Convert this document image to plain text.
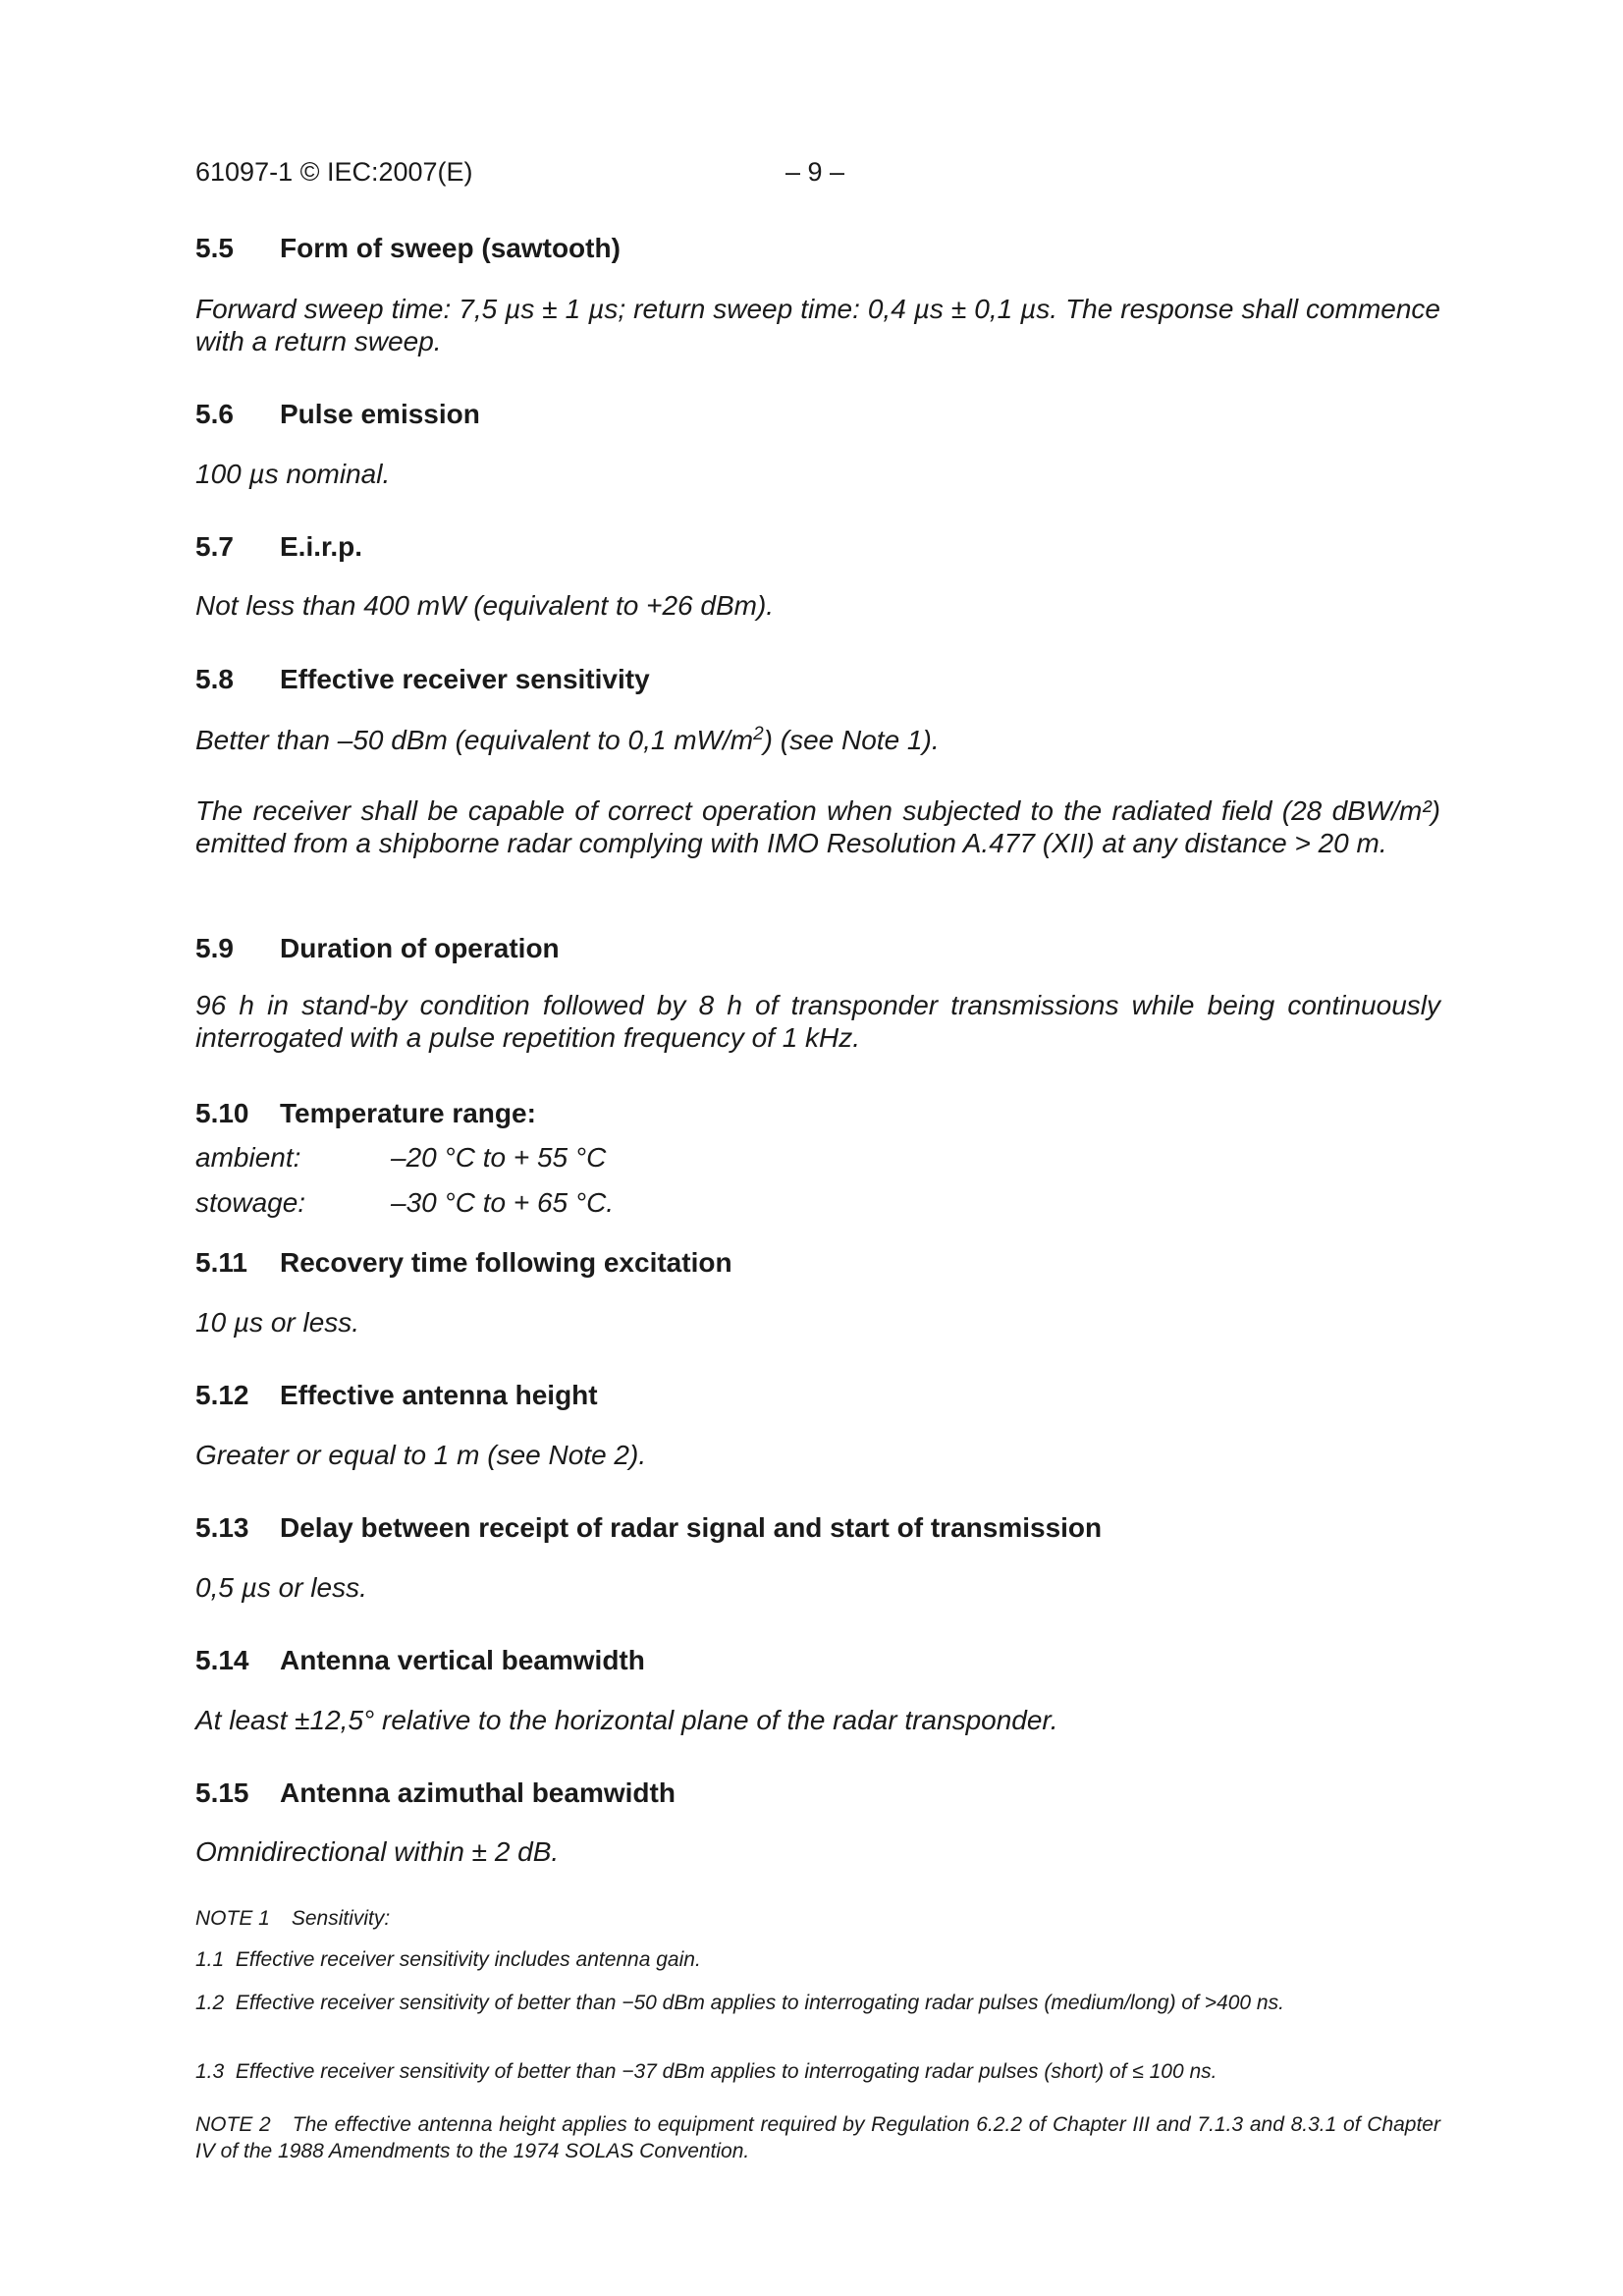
61097-1 © IEC:2007(E)	– 9 –
5.5 Form of sweep (sawtooth)
Forward sweep time: 7,5 µs ± 1 µs; return sweep time: 0,4 µs ± 0,1 µs. The response shall commence with a return sweep.
5.6 Pulse emission
100 µs nominal.
5.7 E.i.r.p.
Not less than 400 mW (equivalent to +26 dBm).
5.8 Effective receiver sensitivity
Better than –50 dBm (equivalent to 0,1 $mW/m^2$) (see Note 1).
The receiver shall be capable of correct operation when subjected to the radiated field (28 dBW/m²) emitted from a shipborne radar complying with IMO Resolution A.477 (XII) at any distance > 20 m.
5.9 Duration of operation
96 h in stand-by condition followed by 8 h of transponder transmissions while being continuously interrogated with a pulse repetition frequency of 1 kHz.
5.10 Temperature range:
ambient:	–20 °C to + 55 °C
stowage:	–30 °C to + 65 °C.
5.11 Recovery time following excitation
10 µs or less.
5.12 Effective antenna height
Greater or equal to 1 m (see Note 2).
5.13 Delay between receipt of radar signal and start of transmission
0,5 µs or less.
5.14 Antenna vertical beamwidth
At least ±12,5° relative to the horizontal plane of the radar transponder.
5.15 Antenna azimuthal beamwidth
Omnidirectional within ± 2 dB.
NOTE 1 Sensitivity:
1.1 Effective receiver sensitivity includes antenna gain.
1.2 Effective receiver sensitivity of better than −50 dBm applies to interrogating radar pulses (medium/long) of >400 ns.
1.3 Effective receiver sensitivity of better than −37 dBm applies to interrogating radar pulses (short) of ≤ 100 ns.
NOTE 2 The effective antenna height applies to equipment required by Regulation 6.2.2 of Chapter III and 7.1.3 and 8.3.1 of Chapter IV of the 1988 Amendments to the 1974 SOLAS Convention.
